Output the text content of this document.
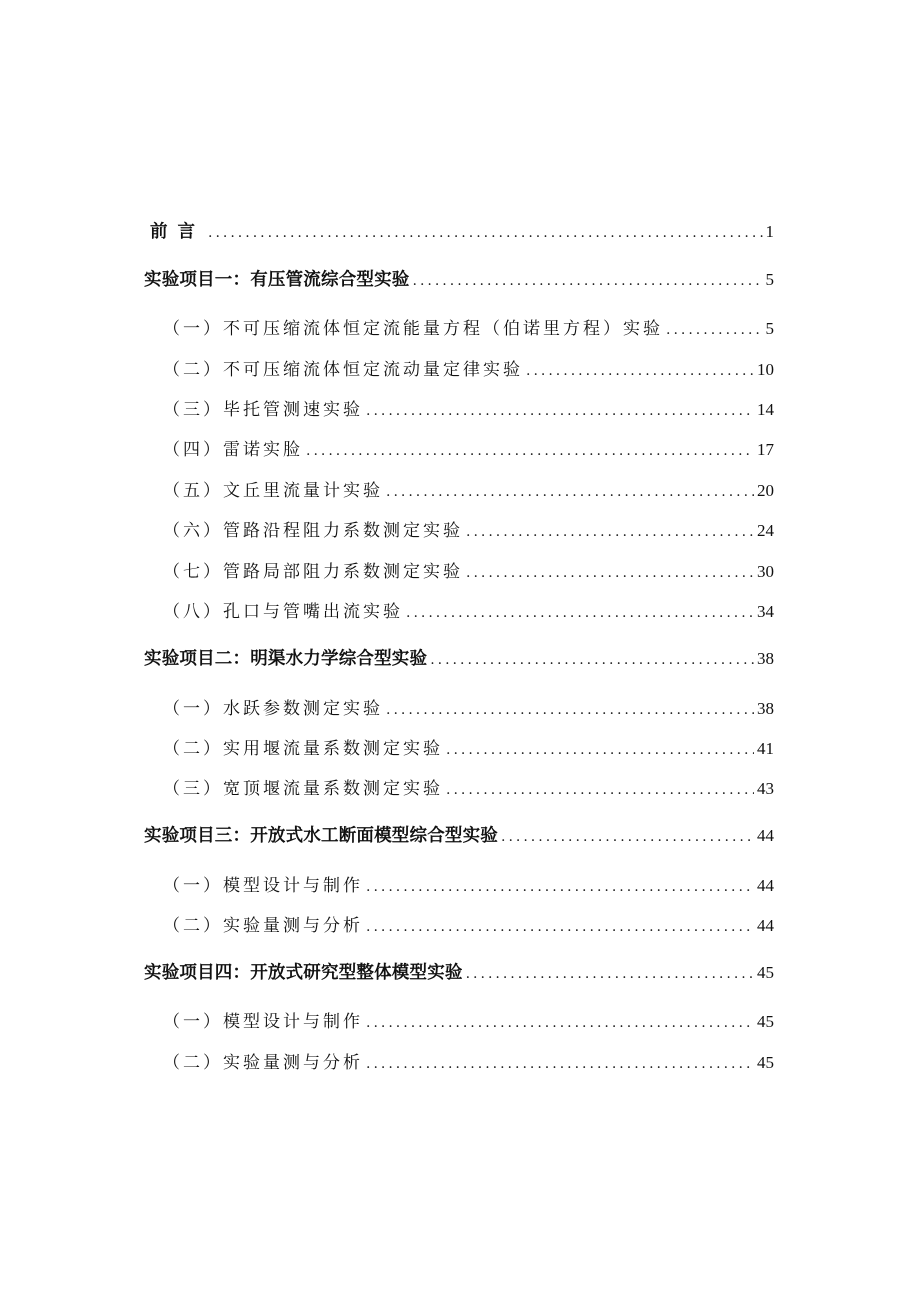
前言 .....	1
实验项目一：有压管流综合型实验 .....	5
（一）不可压缩流体恒定流能量方程（伯诺里方程）实验 .....	5
（二）不可压缩流体恒定流动量定律实验 .....	10
（三）毕托管测速实验 .....	14
（四）雷诺实脸 .....	17
（五）文丘里流量计实验 .....	20
（六）管路沿程阻力系数测定实验 .....	24
（七）管路局部阻力系数测定实验 .....	30
（八）孔口与管嘴出流实验 .....	34
实验项目二：明渠水力学综合型实验 .....	38
（一）水跃参数测定实验 .....	38
（二）实用堰流量系数测定实验 .....	41
（三）宽顶堰流量系数测定实验 .....	43
实验项目三：开放式水工断面模型综合型实验 .....	44
（一）模型设计与制作 .....	44
（二）实验量测与分析 .....	44
实验项目四：开放式研究型整体模型实验 .....	45
（一）模型设计与制作 .....	45
（二）实验量测与分析 .....	45
